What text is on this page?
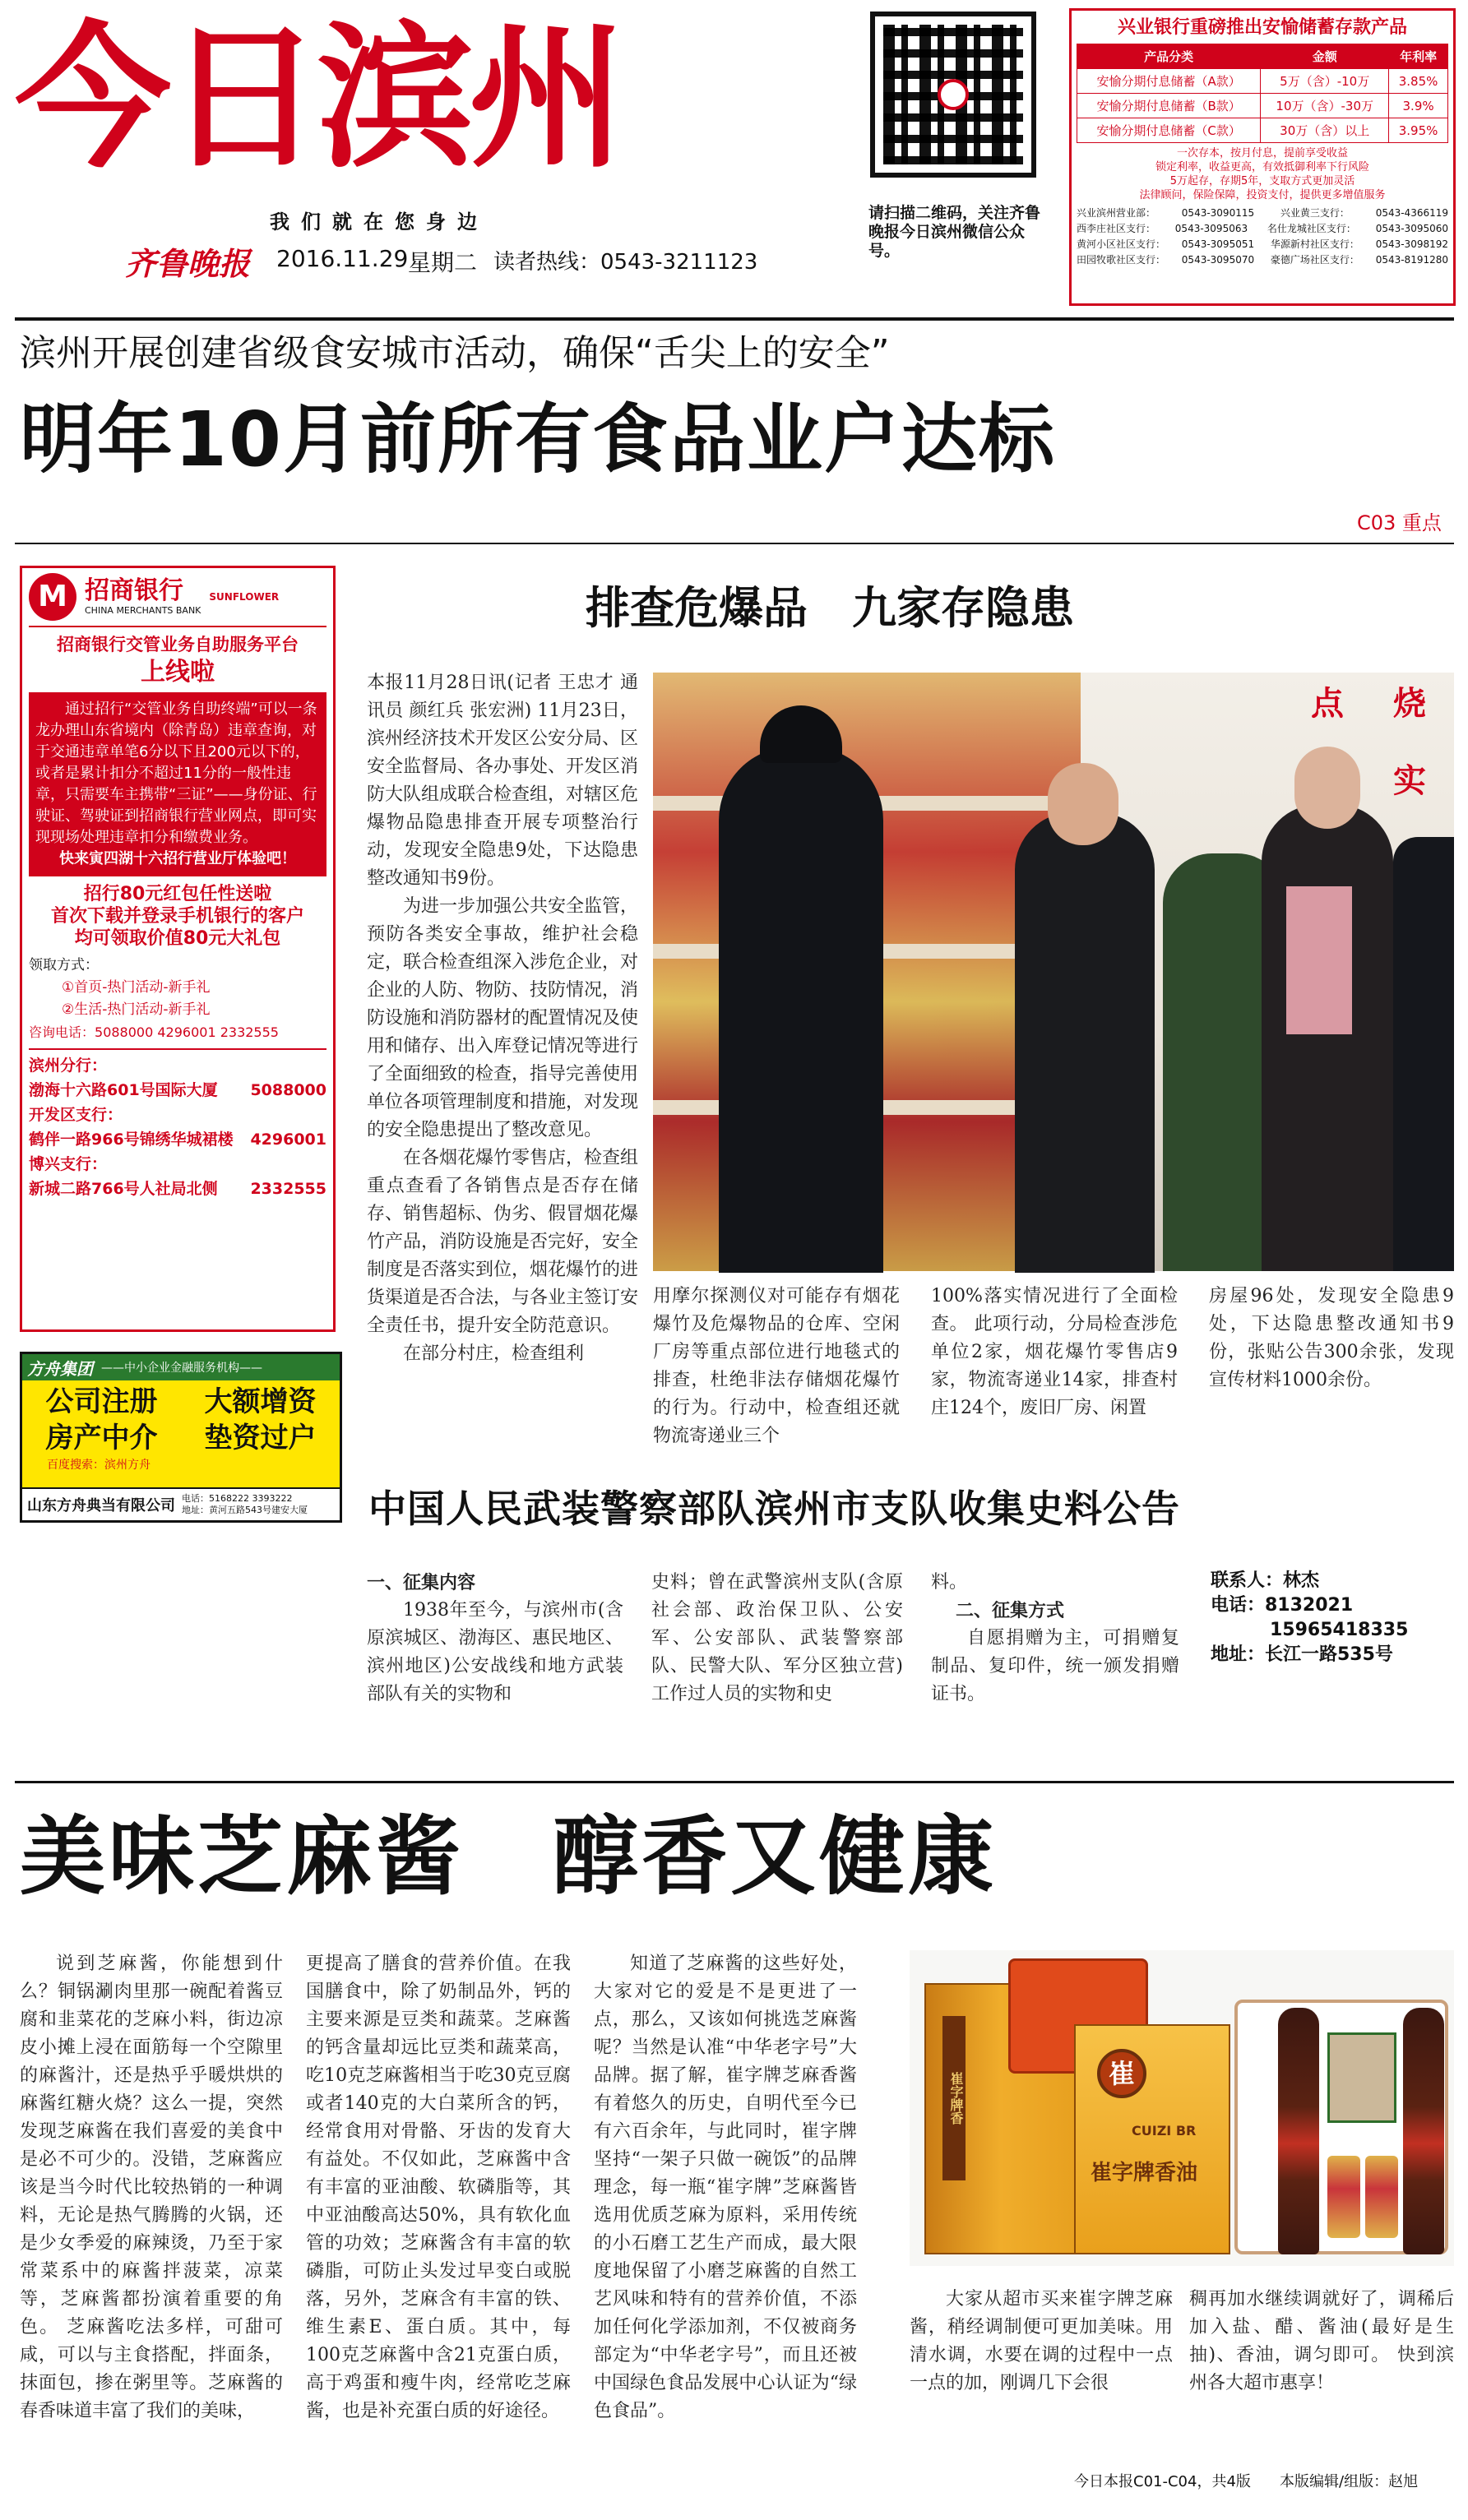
今日滨州
我们就在您身边
齐鲁晚报 2016.11.29 星期二 读者热线：0543-3211123
请扫描二维码，关注齐鲁晚报今日滨州微信公众号。
兴业银行重磅推出安愉储蓄存款产品
产品分类	金额	年利率
安愉分期付息储蓄（A款）	5万（含）-10万	3.85%
安愉分期付息储蓄（B款）	10万（含）-30万	3.9%
安愉分期付息储蓄（C款）	30万（含）以上	3.95%
一次存本，按月付息，提前享受收益
锁定利率，收益更高，有效抵御利率下行风险
5万起存，存期5年，支取方式更加灵活
法律顾问，保险保障，投资支付，提供更多增值服务
兴业滨州营业部：	0543-3090115	兴业黄三支行：	0543-4366119
西李庄社区支行： 0543-3095063 名仕龙城社区支行： 0543-3095060
黄河小区社区支行： 0543-3095051 华源新村社区支行： 0543-3098192
田园牧歌社区支行： 0543-3095070 豪德广场社区支行： 0543-8191280
滨州开展创建省级食安城市活动，确保“舌尖上的安全”
明年10月前所有食品业户达标
C03 重点
M 招商银行
CHINA MERCHANTS BANK
SUNFLOWER
招商银行交管业务自助服务平台
上线啦
通过招行“交管业务自助终端”可以一条龙办理山东省境内（除青岛）违章查询，对于交通违章单笔6分以下且200元以下的，或者是累计扣分不超过11分的一般性违章，只需要车主携带“三证”——身份证、行驶证、驾驶证到招商银行营业网点，即可实现现场处理违章扣分和缴费业务。
快来寅四湖十六招行营业厅体验吧！
招行80元红包任性送啦
首次下载并登录手机银行的客户
均可领取价值80元大礼包
领取方式：
①首页-热门活动-新手礼
②生活-热门活动-新手礼
咨询电话：5088000 4296001 2332555
滨州分行：
渤海十六路601号国际大厦 5088000
开发区支行：
鹤伴一路966号锦绣华城裙楼 4296001
博兴支行：
新城二路766号人社局北侧 2332555
方舟集团 ——中小企业金融服务机构——
公司注册 大额增资
房产中介 垫资过户
百度搜索：滨州方舟
山东方舟典当有限公司 电话：5168222 3393222
地址：黄河五路543号建安大厦
排查危爆品　九家存隐患

本报11月28日讯(记者 王忠才 通讯员 颜红兵 张宏洲) 11月23日，滨州经济技术开发区公安分局、区安全监督局、各办事处、开发区消防大队组成联合检查组，对辖区危爆物品隐患排查开展专项整治行动，发现安全隐患9处，下达隐患整改通知书9份。

为进一步加强公共安全监管，预防各类安全事故，维护社会稳定，联合检查组深入涉危企业，对企业的人防、物防、技防情况，消防设施和消防器材的配置情况及使用和储存、出入库登记情况等进行了全面细致的检查，指导完善使用单位各项管理制度和措施，对发现的安全隐患提出了整改意见。

在各烟花爆竹零售店，检查组重点查看了各销售点是否存在储存、销售超标、伪劣、假冒烟花爆竹产品，消防设施是否完好，安全制度是否落实到位，烟花爆竹的进货渠道是否合法，与各业主签订安全责任书，提升安全防范意识。

在部分村庄，检查组利

点 烧
实

用摩尔探测仪对可能存有烟花爆竹及危爆物品的仓库、空闲厂房等重点部位进行地毯式的排查，杜绝非法存储烟花爆竹的行为。行动中，检查组还就物流寄递业三个

100%落实情况进行了全面检查。 此项行动，分局检查涉危单位2家，烟花爆竹零售店9家，物流寄递业14家，排查村庄124个，废旧厂房、闲置

房屋96处，发现安全隐患9处，下达隐患整改通知书9份，张贴公告300余张，发现宣传材料1000余份。

中国人民武装警察部队滨州市支队收集史料公告
一、征集内容

1938年至今，与滨州市(含原滨城区、渤海区、惠民地区、滨州地区)公安战线和地方武装部队有关的实物和

史料；曾在武警滨州支队(含原社会部、政治保卫队、公安军、公安部队、武装警察部队、民警大队、军分区独立营)工作过人员的实物和史

料。
二、征集方式

自愿捐赠为主，可捐赠复制品、复印件，统一颁发捐赠证书。

联系人：林杰
电话：8132021
15965418335
地址：长江一路535号
美味芝麻酱　醇香又健康

说到芝麻酱，你能想到什么？铜锅涮肉里那一碗配着酱豆腐和韭菜花的芝麻小料，街边凉皮小摊上浸在面筋每一个空隙里的麻酱汁，还是热乎乎暖烘烘的麻酱红糖火烧？这么一提，突然发现芝麻酱在我们喜爱的美食中是必不可少的。没错，芝麻酱应该是当今时代比较热销的一种调料，无论是热气腾腾的火锅，还是少女季爱的麻辣烫，乃至于家常菜系中的麻酱拌菠菜，凉菜等，芝麻酱都扮演着重要的角色。 芝麻酱吃法多样，可甜可咸，可以与主食搭配，拌面条，抹面包，掺在粥里等。芝麻酱的春香味道丰富了我们的美味，

更提高了膳食的营养价值。在我国膳食中，除了奶制品外，钙的主要来源是豆类和蔬菜。芝麻酱的钙含量却远比豆类和蔬菜高，吃10克芝麻酱相当于吃30克豆腐或者140克的大白菜所含的钙，经常食用对骨骼、牙齿的发育大有益处。不仅如此，芝麻酱中含有丰富的亚油酸、软磷脂等，其中亚油酸高达50%，具有软化血管的功效；芝麻酱含有丰富的软磷脂，可防止头发过早变白或脱落，另外，芝麻含有丰富的铁、维生素E、蛋白质。其中，每100克芝麻酱中含21克蛋白质，高于鸡蛋和瘦牛肉，经常吃芝麻酱，也是补充蛋白质的好途径。

知道了芝麻酱的这些好处，大家对它的爱是不是更进了一点，那么，又该如何挑选芝麻酱呢？当然是认准“中华老字号”大品牌。据了解，崔字牌芝麻香酱有着悠久的历史，自明代至今已有六百余年，与此同时，崔字牌坚持“一架子只做一碗饭”的品牌理念，每一瓶“崔字牌”芝麻酱皆选用优质芝麻为原料，采用传统的小石磨工艺生产而成，最大限度地保留了小磨芝麻酱的自然工艺风味和特有的营养价值，不添加任何化学添加剂，不仅被商务部定为“中华老字号”，而且还被中国绿色食品发展中心认证为“绿色食品”。

崔字牌香	崔
CUIZI BR
崔字牌香油

大家从超市买来崔字牌芝麻酱，稍经调制便可更加美味。用清水调，水要在调的过程中一点一点的加，刚调几下会很

稠再加水继续调就好了，调稀后加入盐、醋、酱油(最好是生抽)、香油，调匀即可。 快到滨州各大超市惠享！

今日本报C01-C04，共4版 本版编辑/组版：赵旭
